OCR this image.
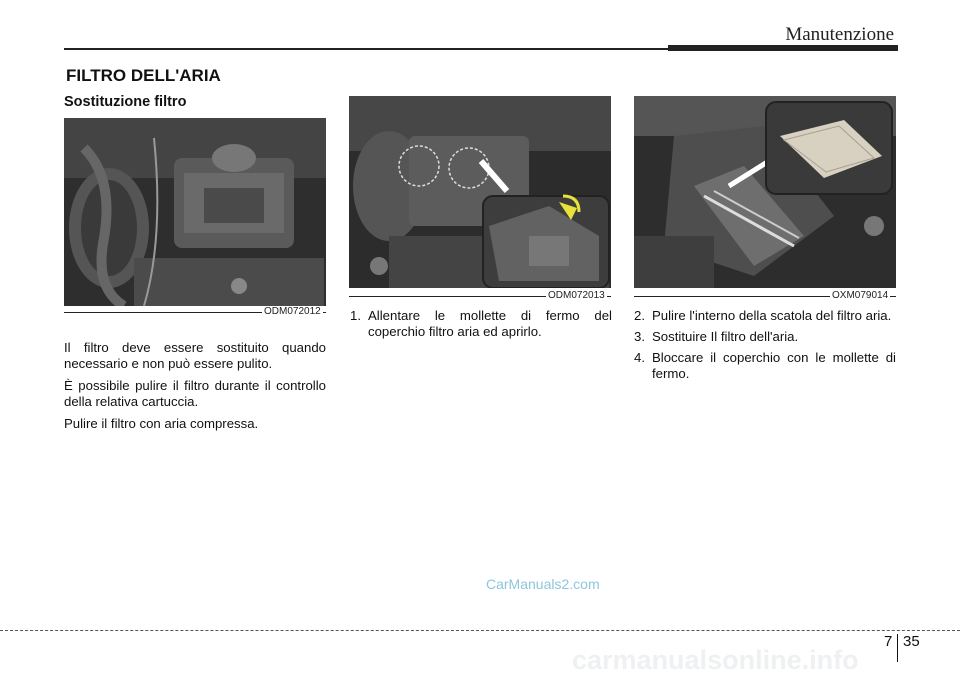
Manutenzione
FILTRO DELL'ARIA
Sostituzione filtro
ODM072012
ODM072013	OXM079014

Il filtro deve essere sostituito quando necessario e non può essere pulito.

È possibile pulire il filtro durante il controllo della relativa cartuccia.

Pulire il filtro con aria compressa.

1. Allentare le mollette di fermo del coperchio filtro aria ed aprirlo.
2. Pulire l'interno della scatola del filtro aria.
3. Sostituire Il filtro dell'aria.
4. Bloccare il coperchio con le mollette di fermo.
CarManuals2.com
7 35
carmanualsonline.info
